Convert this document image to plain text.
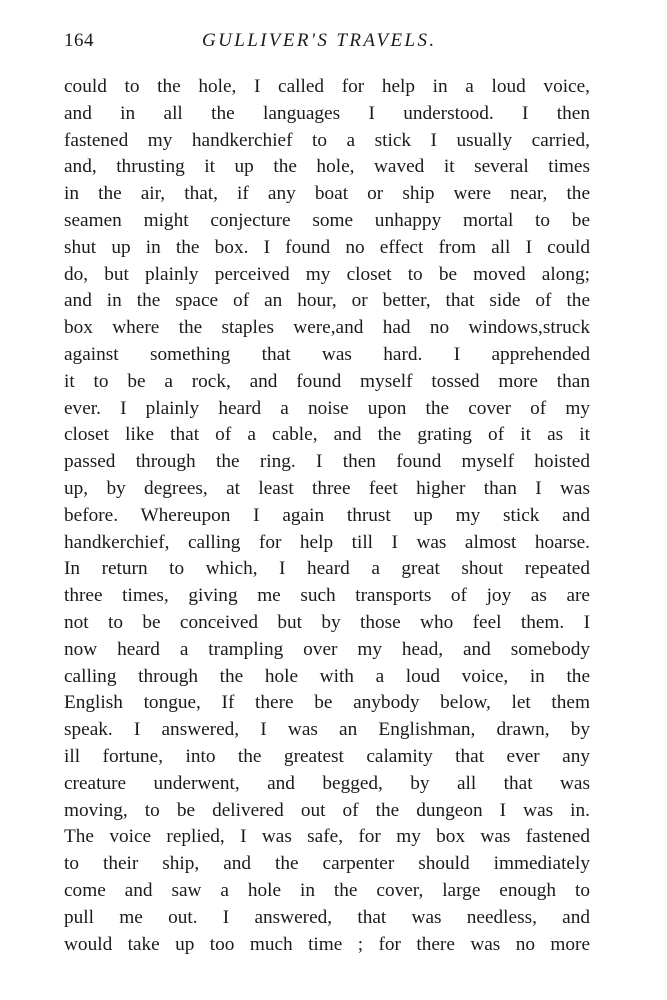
164	GULLIVER'S TRAVELS.
could to the hole, I called for help in a loud voice,
and in all the languages I understood. I then
fastened my handkerchief to a stick I usually carried,
and, thrusting it up the hole, waved it several times
in the air, that, if any boat or ship were near, the
seamen might conjecture some unhappy mortal to be
shut up in the box. I found no effect from all I could
do, but plainly perceived my closet to be moved along;
and in the space of an hour, or better, that side of the
box where the staples were,and had no windows,struck
against something that was hard. I apprehended
it to be a rock, and found myself tossed more than
ever. I plainly heard a noise upon the cover of my
closet like that of a cable, and the grating of it as it
passed through the ring. I then found myself hoisted
up, by degrees, at least three feet higher than I was
before. Whereupon I again thrust up my stick and
handkerchief, calling for help till I was almost hoarse.
In return to which, I heard a great shout repeated
three times, giving me such transports of joy as are
not to be conceived but by those who feel them. I
now heard a trampling over my head, and somebody
calling through the hole with a loud voice, in the
English tongue, If there be anybody below, let them
speak. I answered, I was an Englishman, drawn, by
ill fortune, into the greatest calamity that ever any
creature underwent, and begged, by all that was
moving, to be delivered out of the dungeon I was in.
The voice replied, I was safe, for my box was fastened
to their ship, and the carpenter should immediately
come and saw a hole in the cover, large enough to
pull me out. I answered, that was needless, and
would take up too much time ; for there was no more
